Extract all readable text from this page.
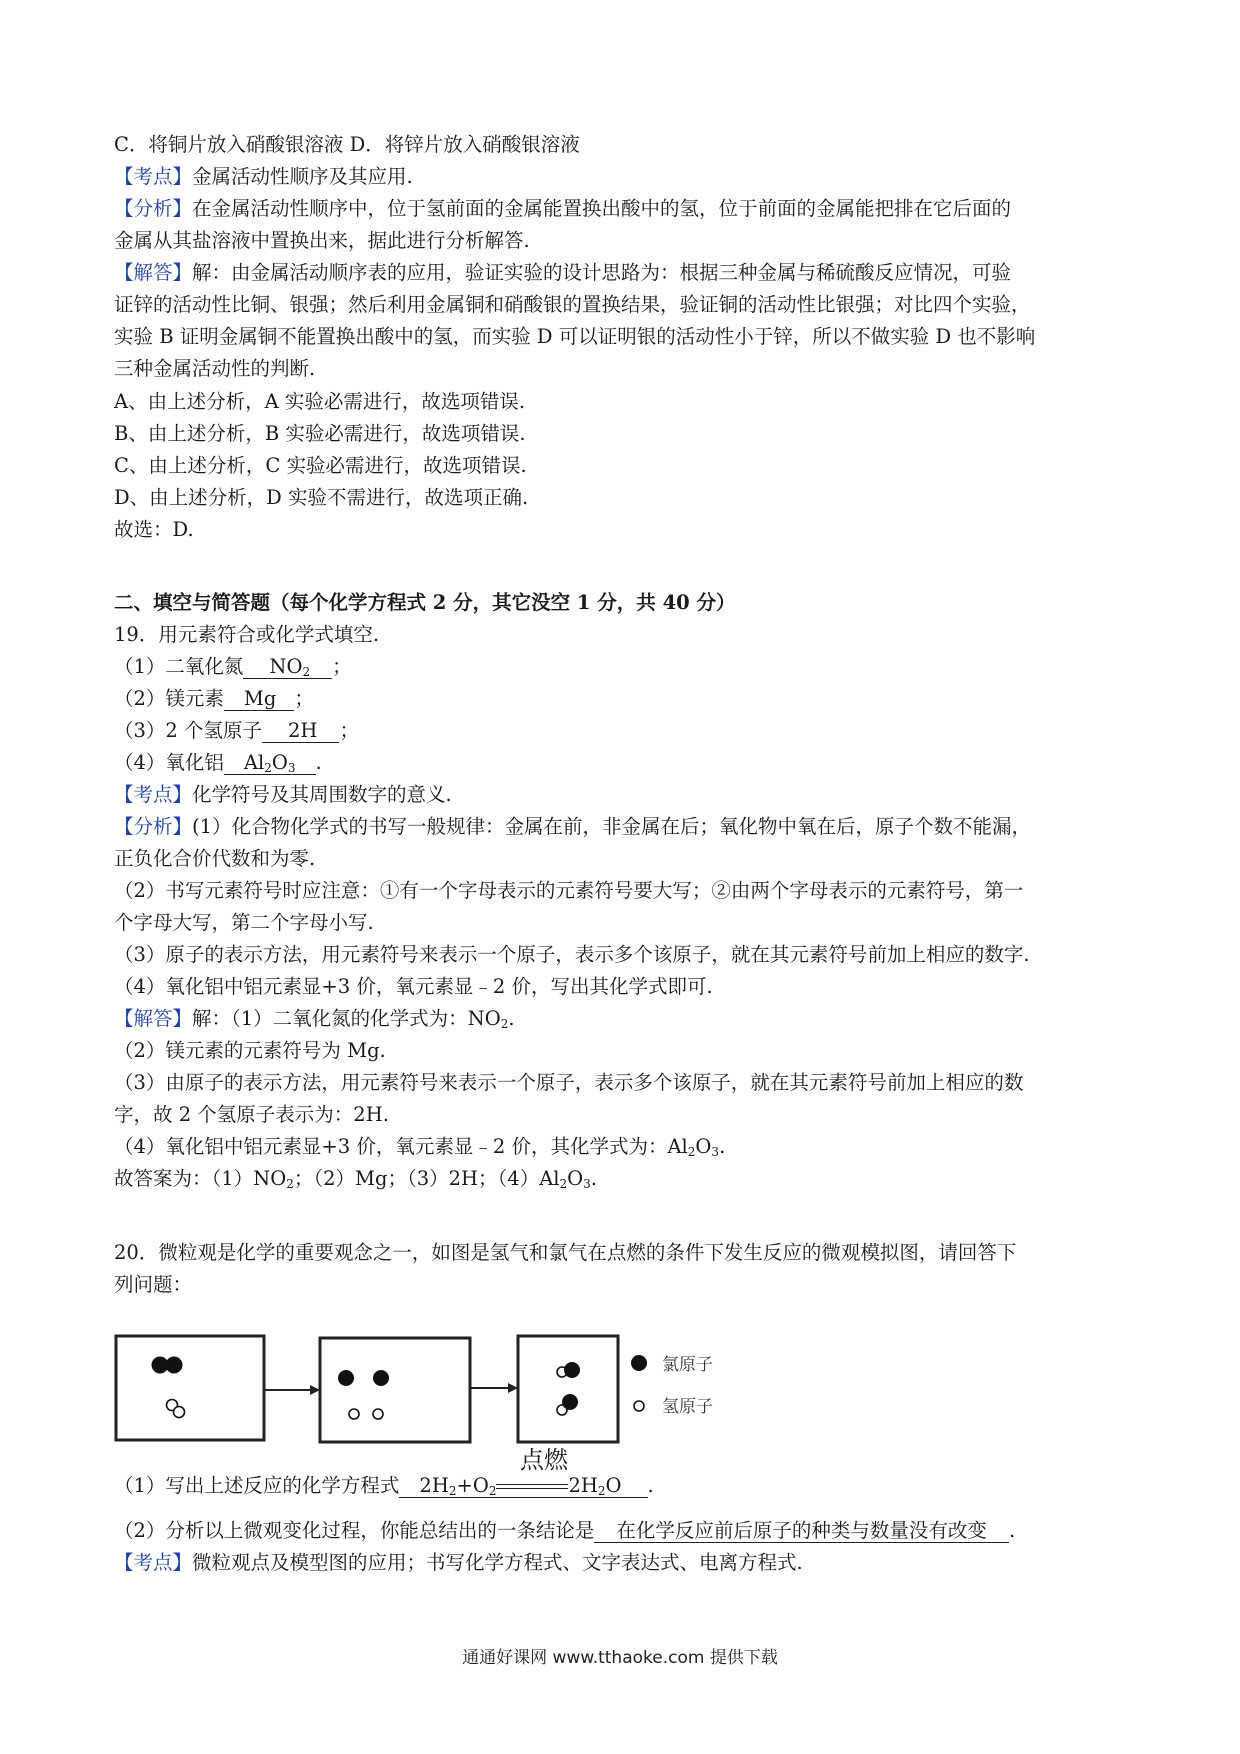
C．将铜片放入硝酸银溶液 D．将锌片放入硝酸银溶液
【考点】金属活动性顺序及其应用.
【分析】在金属活动性顺序中，位于氢前面的金属能置换出酸中的氢，位于前面的金属能把排在它后面的
金属从其盐溶液中置换出来，据此进行分析解答.
【解答】解：由金属活动顺序表的应用，验证实验的设计思路为：根据三种金属与稀硫酸反应情况，可验
证锌的活动性比铜、银强；然后利用金属铜和硝酸银的置换结果，验证铜的活动性比银强；对比四个实验，
实验 B 证明金属铜不能置换出酸中的氢，而实验 D 可以证明银的活动性小于锌，所以不做实验 D 也不影响
三种金属活动性的判断.
A、由上述分析，A 实验必需进行，故选项错误.
B、由上述分析，B 实验必需进行，故选项错误.
C、由上述分析，C 实验必需进行，故选项错误.
D、由上述分析，D 实验不需进行，故选项正确.
故选：D.
二、填空与简答题（每个化学方程式 2 分，其它没空 1 分，共 40 分）
19．用元素符合或化学式填空.
（1）二氧化氮 $NO_2$ ；
（2）镁元素 Mg ；
（3）2 个氢原子 2H ；
（4）氧化铝 $Al_2O_3$ .
【考点】化学符号及其周围数字的意义.
【分析】(1）化合物化学式的书写一般规律：金属在前，非金属在后；氧化物中氧在后，原子个数不能漏，
正负化合价代数和为零.
（2）书写元素符号时应注意：①有一个字母表示的元素符号要大写；②由两个字母表示的元素符号，第一
个字母大写，第二个字母小写.
（3）原子的表示方法，用元素符号来表示一个原子，表示多个该原子，就在其元素符号前加上相应的数字.
（4）氧化铝中铝元素显+3 价，氧元素显﹣2 价，写出其化学式即可.
【解答】解：（1）二氧化氮的化学式为：$NO_2$.
（2）镁元素的元素符号为 Mg.
（3）由原子的表示方法，用元素符号来表示一个原子，表示多个该原子，就在其元素符号前加上相应的数
字，故 2 个氢原子表示为：2H.
（4）氧化铝中铝元素显+3 价，氧元素显﹣2 价，其化学式为：$Al_2O_3$.
故答案为：$(1)NO_2$；（2）Mg；（3）2H；$(4)Al_2O_3$.
20．微粒观是化学的重要观念之一，如图是氢气和氯气在点燃的条件下发生反应的微观模拟图，请回答下
列问题：
氯原子
氢原子
（1）写出上述反应的化学方程式 $2H_2+O_2$	$2H_2O$ .
点燃
（2）分析以上微观变化过程，你能总结出的一条结论是 在化学反应前后原子的种类与数量没有改变 .
【考点】微粒观点及模型图的应用；书写化学方程式、文字表达式、电离方程式.
通通好课网 www.tthaoke.com 提供下载
